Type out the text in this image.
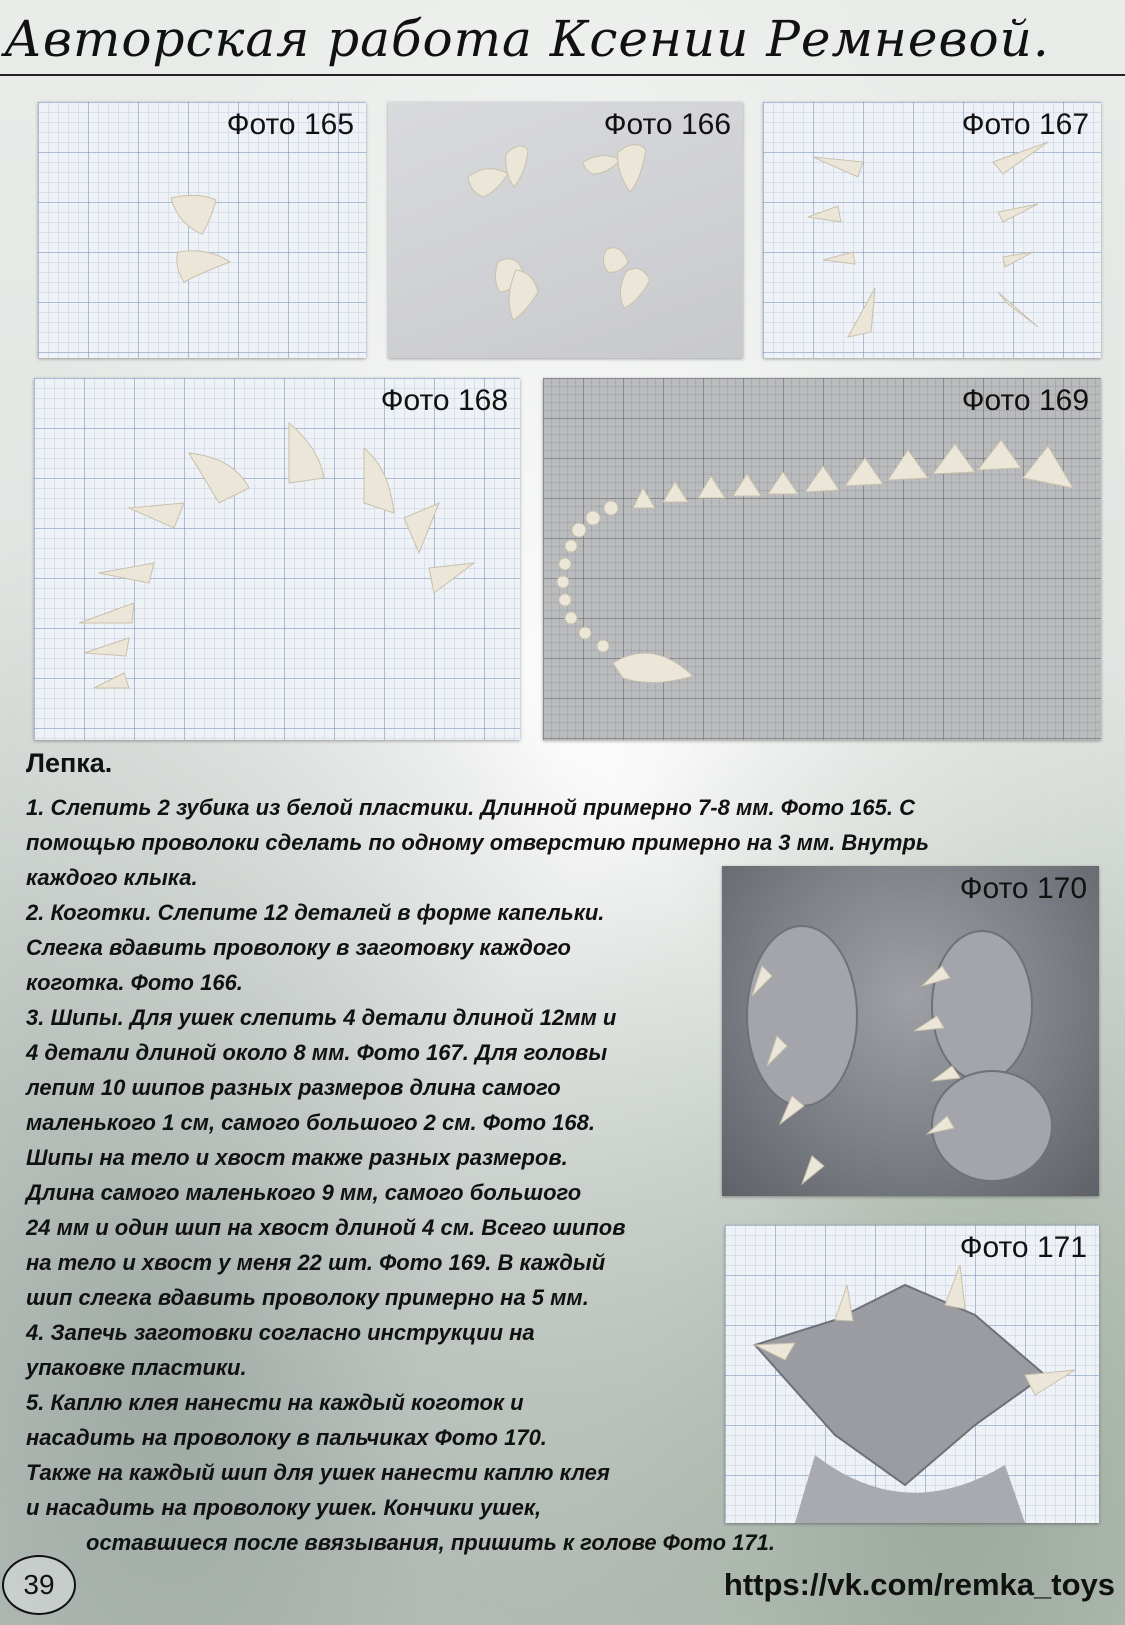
Авторская работа Ксении Ремневой.
Фото 165	Фото 166	Фото 167
Фото 168	Фото 169
Фото 170
Фото 171
Лепка.
1. Слепить 2 зубика из белой пластики. Длинной примерно 7-8 мм. Фото 165. С
помощью проволоки сделать по одному отверстию примерно на 3 мм. Внутрь
каждого клыка.
2. Коготки. Слепите 12 деталей в форме капельки.
Слегка вдавить проволоку в заготовку каждого
коготка. Фото 166.
3. Шипы. Для ушек слепить 4 детали длиной 12мм и
4 детали длиной около 8 мм. Фото 167. Для головы
лепим 10 шипов разных размеров длина самого
маленького 1 см, самого большого 2 см. Фото 168.
Шипы на тело и хвост также разных размеров.
Длина самого маленького 9 мм, самого большого
24 мм и один шип на хвост длиной 4 см. Всего шипов
на тело и хвост у меня 22 шт. Фото 169. В каждый
шип слегка вдавить проволоку примерно на 5 мм.
4. Запечь заготовки согласно инструкции на
упаковке пластики.
5. Каплю клея нанести на каждый коготок и
насадить на проволоку в пальчиках Фото 170.
Также на каждый шип для ушек нанести каплю клея
и насадить на проволоку ушек. Кончики ушек,
оставшиеся после ввязывания, пришить к голове Фото 171.
39	https://vk.com/remka_toys
